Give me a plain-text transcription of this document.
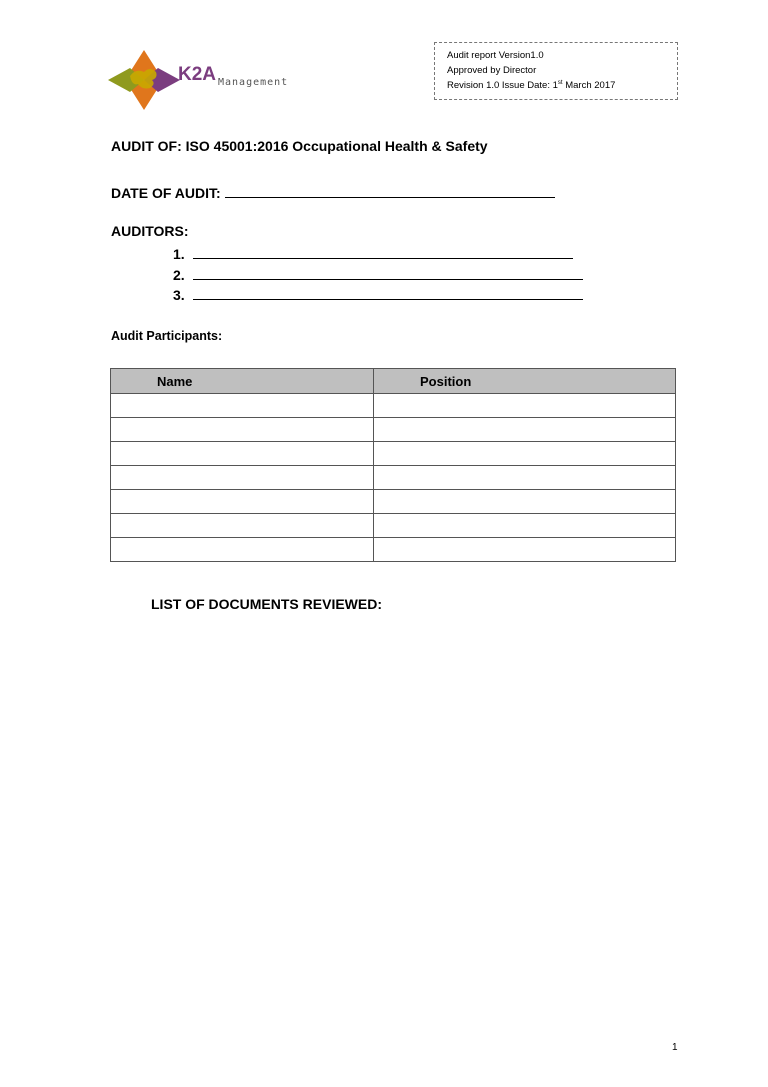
K2A Management
Audit report Version1.0
Approved by Director
Revision 1.0 Issue Date: 1st March 2017
AUDIT OF: ISO 45001:2016 Occupational Health & Safety
DATE OF AUDIT:
AUDITORS:
1.
2.
3.
Audit Participants:
Name	Position

LIST OF DOCUMENTS REVIEWED:
1
